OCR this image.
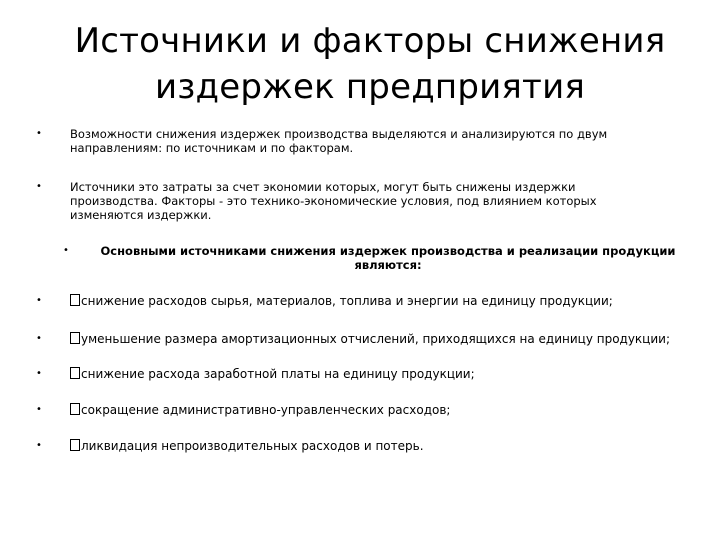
Источники и факторы снижения
издержек предприятия
• Возможности снижения издержек производства выделяются и анализируются по двум направлениям: по источникам и по факторам.
• Источники это затраты за счет экономии которых, могут быть снижены издержки производства. Факторы - это технико-экономические условия, под влиянием которых изменяются издержки.
•	Основными источниками снижения издержек производства и реализации продукции являются:
•	снижение расходов сырья, материалов, топлива и энергии на единицу продукции;
•	уменьшение размера амортизационных отчислений, приходящихся на единицу продукции;
•	снижение расхода заработной платы на единицу продукции;
•	сокращение административно-управленческих расходов;
•	ликвидация непроизводительных расходов и потерь.
